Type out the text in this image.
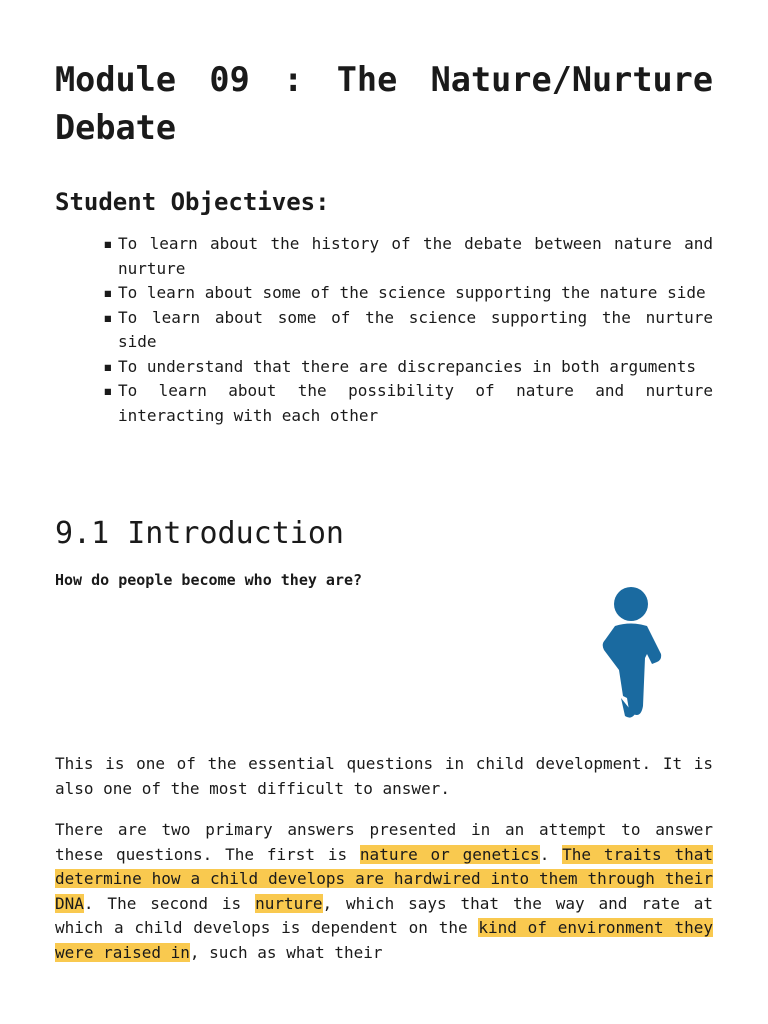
Module 09 : The Nature/Nurture Debate
Student Objectives:
▪ To learn about the history of the debate between nature and nurture
▪ To learn about some of the science supporting the nature side
▪ To learn about some of the science supporting the nurture side
▪ To understand that there are discrepancies in both arguments
▪ To learn about the possibility of nature and nurture interacting with each other
9.1 Introduction

How do people become who they are?

This is one of the essential questions in child development. It is also one of the most difficult to answer.

There are two primary answers presented in an attempt to answer these questions. The first is nature or genetics. The traits that determine how a child develops are hardwired into them through their DNA. The second is nurture, which says that the way and rate at which a child develops is dependent on the kind of environment they were raised in, such as what their
